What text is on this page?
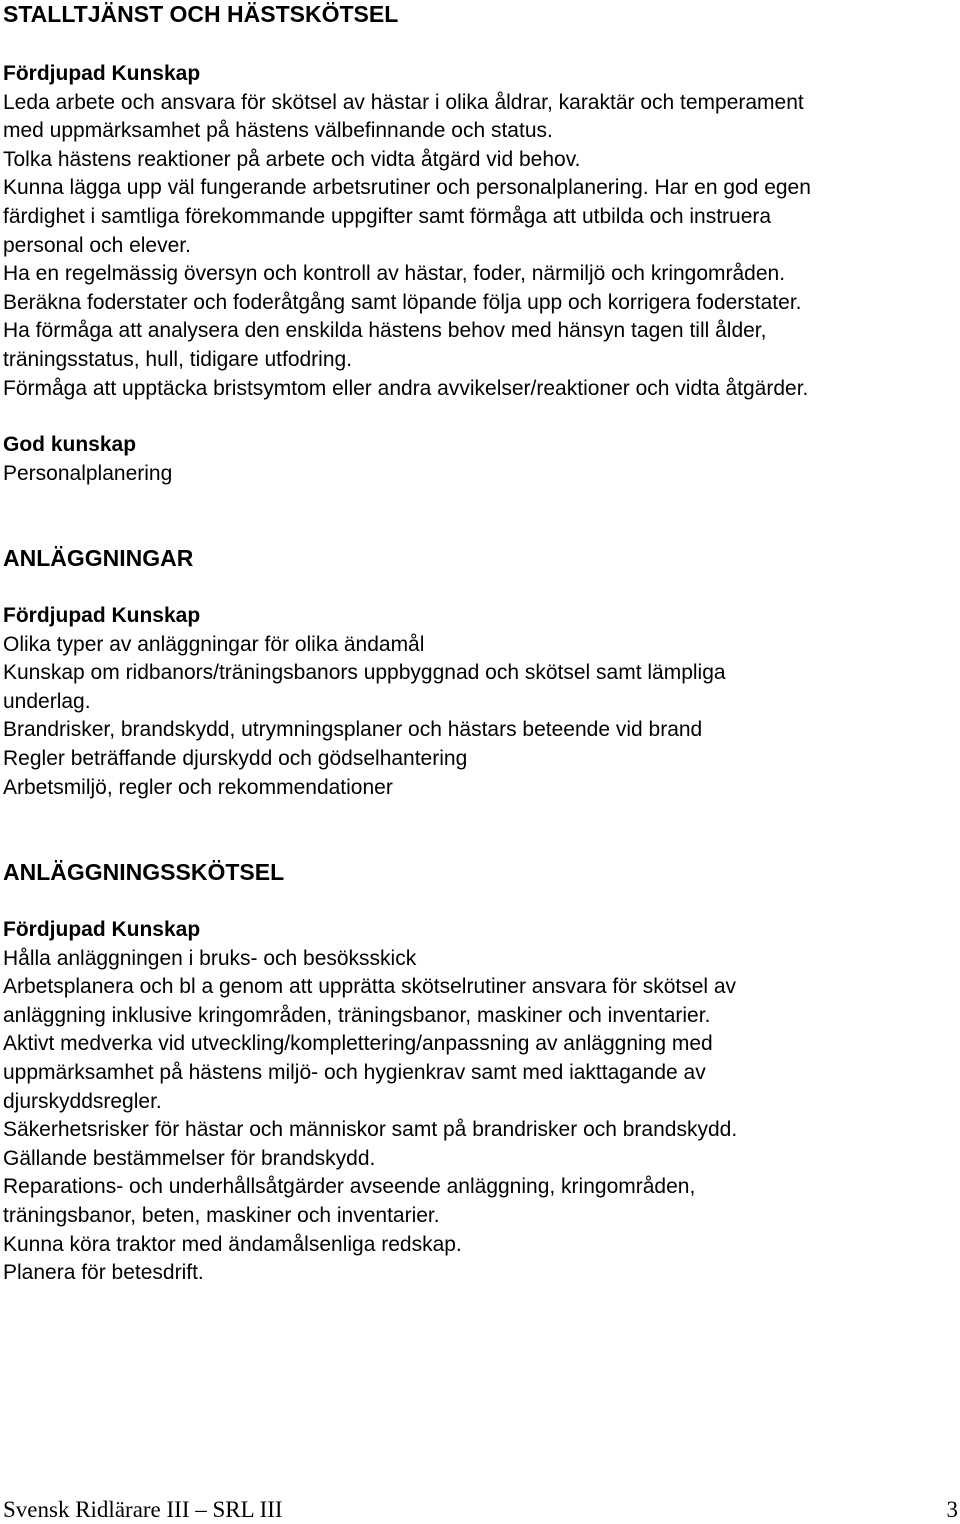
STALLTJÄNST OCH HÄSTSKÖTSEL
Fördjupad Kunskap
Leda arbete och ansvara för skötsel av hästar i olika åldrar, karaktär och temperament
med uppmärksamhet på hästens välbefinnande och status.
Tolka hästens reaktioner på arbete och vidta åtgärd vid behov.
Kunna lägga upp väl fungerande arbetsrutiner och personalplanering. Har en god egen
färdighet i samtliga förekommande uppgifter samt förmåga att utbilda och instruera
personal och elever.
Ha en regelmässig översyn och kontroll av hästar, foder, närmiljö och kringområden.
Beräkna foderstater och foderåtgång samt löpande följa upp och korrigera foderstater.
Ha förmåga att analysera den enskilda hästens behov med hänsyn tagen till ålder,
träningsstatus, hull, tidigare utfodring.
Förmåga att upptäcka bristsymtom eller andra avvikelser/reaktioner och vidta åtgärder.
God kunskap
Personalplanering
ANLÄGGNINGAR
Fördjupad Kunskap
Olika typer av anläggningar för olika ändamål
Kunskap om ridbanors/träningsbanors uppbyggnad och skötsel samt lämpliga
underlag.
Brandrisker, brandskydd, utrymningsplaner och hästars beteende vid brand
Regler beträffande djurskydd och gödselhantering
Arbetsmiljö, regler och rekommendationer
ANLÄGGNINGSSKÖTSEL
Fördjupad Kunskap
Hålla anläggningen i bruks- och besöksskick
Arbetsplanera och bl a genom att upprätta skötselrutiner ansvara för skötsel av
anläggning inklusive kringområden, träningsbanor, maskiner och inventarier.
Aktivt medverka vid utveckling/komplettering/anpassning av anläggning med
uppmärksamhet på hästens miljö- och hygienkrav samt med iakttagande av
djurskyddsregler.
Säkerhetsrisker för hästar och människor samt på brandrisker och brandskydd.
Gällande bestämmelser för brandskydd.
Reparations- och underhållsåtgärder avseende anläggning, kringområden,
träningsbanor, beten, maskiner och inventarier.
Kunna köra traktor med ändamålsenliga redskap.
Planera för betesdrift.
Svensk Ridlärare III – SRL III	3
